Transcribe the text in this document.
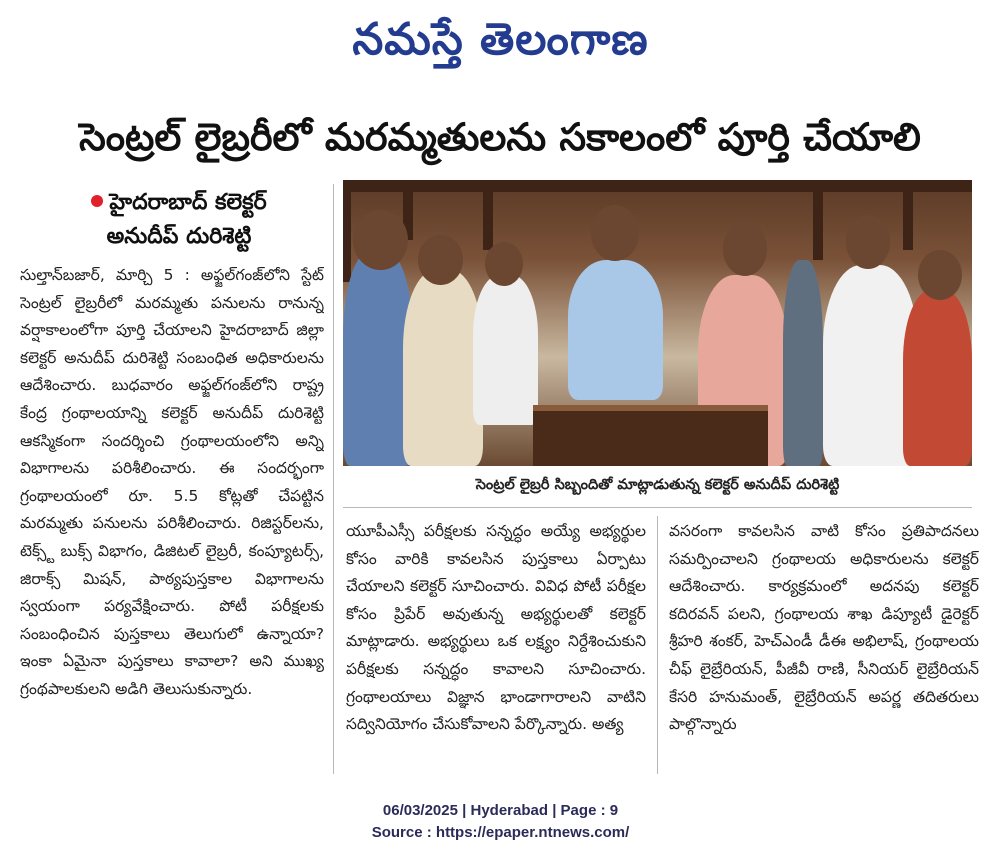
నమస్తే తెలంగాణ
సెంట్రల్ లైబ్రరీలో మరమ్మతులను సకాలంలో పూర్తి చేయాలి
హైదరాబాద్ కలెక్టర్
అనుదీప్ దురిశెట్టి
సుల్తాన్‌బజార్, మార్చి 5 : అఫ్జల్‌గంజ్‌లోని స్టేట్ సెంట్రల్ లైబ్రరీలో మరమ్మతు పనులను రానున్న వర్షాకాలంలోగా పూర్తి చేయాలని హైదరాబాద్ జిల్లా కలెక్టర్ అనుదీప్ దురిశెట్టి సంబంధిత అధికారులను ఆదేశించారు. బుధవారం అఫ్జల్‌గంజ్‌లోని రాష్ట్ర కేంద్ర గ్రంథాలయాన్ని కలెక్టర్ అనుదీప్ దురిశెట్టి ఆకస్మికంగా సందర్శించి గ్రంథాలయంలోని అన్ని విభాగాలను పరిశీలించారు. ఈ సందర్భంగా గ్రంథాలయంలో రూ. 5.5 కోట్లతో చేపట్టిన మరమ్మతు పనులను పరిశీలించారు. రిజిస్టర్‌లను, టెక్స్ట్ బుక్స్ విభాగం, డిజిటల్ లైబ్రరీ, కంప్యూటర్స్, జిరాక్స్ మిషన్, పాఠ్యపుస్తకాల విభాగాలను స్వయంగా పర్యవేక్షించారు. పోటీ పరీక్షలకు సంబంధించిన పుస్తకాలు తెలుగులో ఉన్నాయా? ఇంకా ఏమైనా పుస్తకాలు కావాలా? అని ముఖ్య గ్రంథపాలకులని అడిగి తెలుసుకున్నారు.
సెంట్రల్ లైబ్రరీ సిబ్బందితో మాట్లాడుతున్న కలెక్టర్ అనుదీప్ దురిశెట్టి
యూపీఎస్సీ పరీక్షలకు సన్నద్ధం అయ్యే అభ్యర్థుల కోసం వారికి కావలసిన పుస్తకాలు ఏర్పాటు చేయాలని కలెక్టర్ సూచించారు. వివిధ పోటీ పరీక్షల కోసం ప్రిపేర్ అవుతున్న అభ్యర్థులతో కలెక్టర్ మాట్లాడారు. అభ్యర్థులు ఒక లక్ష్యం నిర్దేశించుకుని పరీక్షలకు సన్నద్ధం కావాలని సూచించారు. గ్రంథాలయాలు విజ్ఞాన భాండాగారాలని వాటిని సద్వినియోగం చేసుకోవాలని పేర్కొన్నారు. అత్య
వసరంగా కావలసిన వాటి కోసం ప్రతిపాదనలు సమర్పించాలని గ్రంథాలయ అధికారులను కలెక్టర్ ఆదేశించారు. కార్యక్రమంలో అదనపు కలెక్టర్ కదిరవన్ పలని, గ్రంథాలయ శాఖ డిప్యూటీ డైరెక్టర్ శ్రీహరి శంకర్, హెచ్ఎండీ డీఈ అభిలాష్, గ్రంథాలయ చీఫ్ లైబ్రేరియన్, పీజీవీ రాణి, సీనియర్ లైబ్రేరియన్ కేసరి హనుమంత్, లైబ్రేరియన్ అపర్ణ తదితరులు పాల్గొన్నారు
06/03/2025 | Hyderabad | Page : 9
Source : https://epaper.ntnews.com/
